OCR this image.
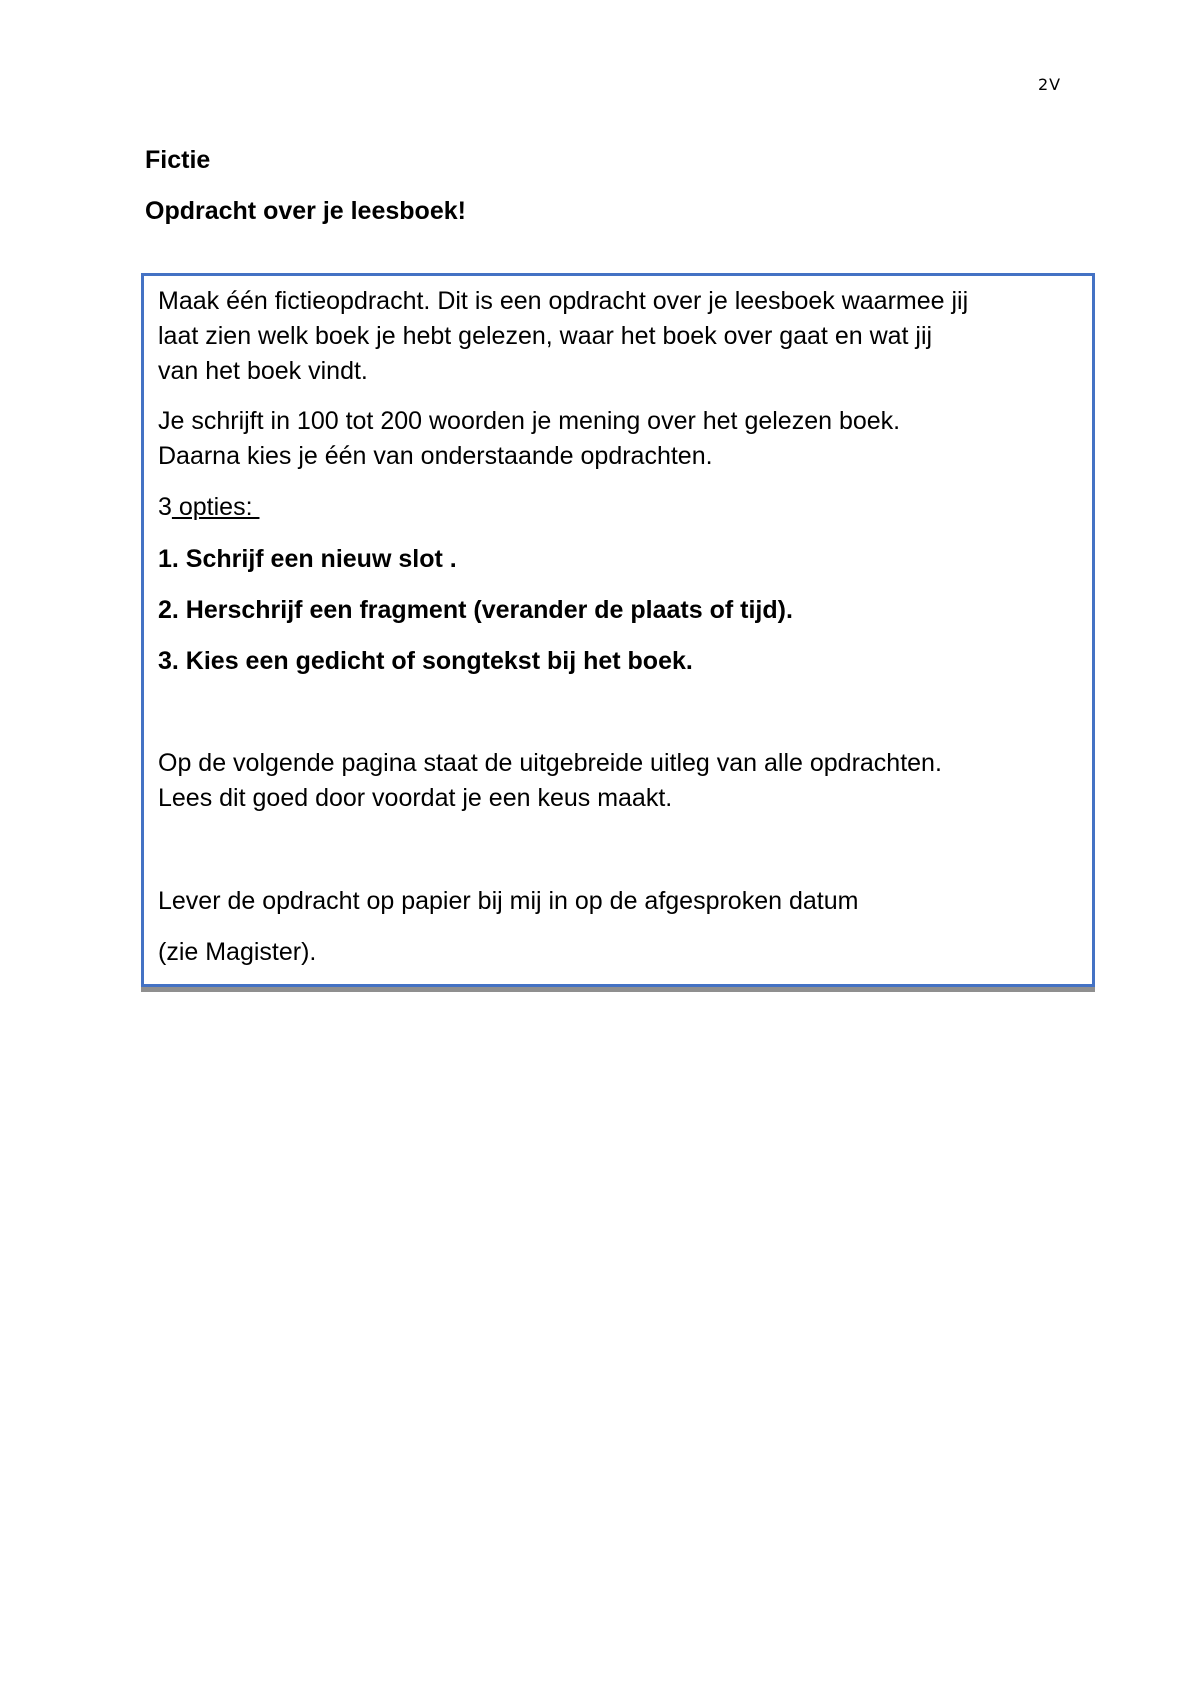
2V
Fictie
Opdracht over je leesboek!

Maak één fictieopdracht. Dit is een opdracht over je leesboek waarmee jij
laat zien welk boek je hebt gelezen, waar het boek over gaat en wat jij
van het boek vindt.

Je schrijft in 100 tot 200 woorden je mening over het gelezen boek.
Daarna kies je één van onderstaande opdrachten.

3 opties:

1. Schrijf een nieuw slot .

2. Herschrijf een fragment (verander de plaats of tijd).

3. Kies een gedicht of songtekst bij het boek.

Op de volgende pagina staat de uitgebreide uitleg van alle opdrachten.
Lees dit goed door voordat je een keus maakt.

Lever de opdracht op papier bij mij in op de afgesproken datum

(zie Magister).
